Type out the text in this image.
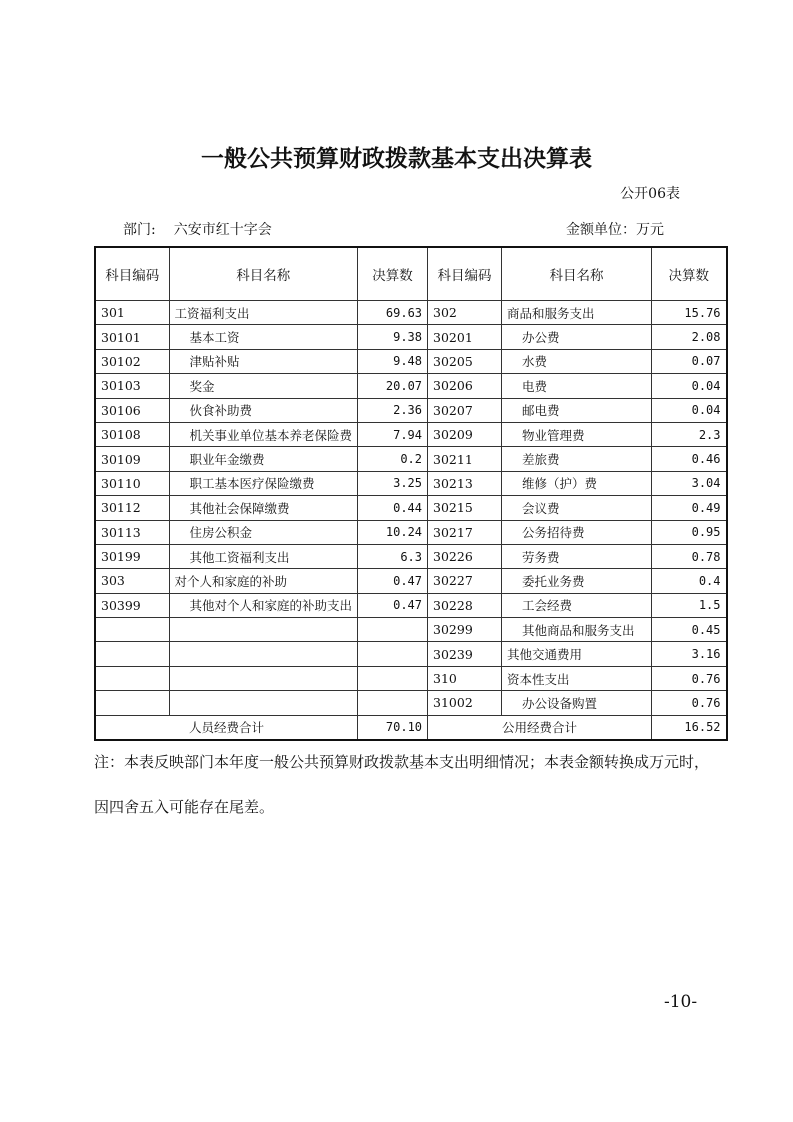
一般公共预算财政拨款基本支出决算表
公开06表
部门: 六安市红十字会	金额单位：万元
科目编码	科目名称	决算数	科目编码	科目名称	决算数
301	工资福利支出	69.63	302	商品和服务支出	15.76
30101	基本工资	9.38	30201	办公费	2.08
30102	津贴补贴	9.48	30205	水费	0.07
30103	奖金	20.07	30206	电费	0.04
30106	伙食补助费	2.36	30207	邮电费	0.04
30108	机关事业单位基本养老保险费	7.94	30209	物业管理费	2.3
30109	职业年金缴费	0.2	30211	差旅费	0.46
30110	职工基本医疗保险缴费	3.25	30213	维修（护）费	3.04
30112	其他社会保障缴费	0.44	30215	会议费	0.49
30113	住房公积金	10.24	30217	公务招待费	0.95
30199	其他工资福利支出	6.3	30226	劳务费	0.78
303	对个人和家庭的补助	0.47	30227	委托业务费	0.4
30399	其他对个人和家庭的补助支出	0.47	30228	工会经费	1.5
			30299	其他商品和服务支出	0.45
			30239	其他交通费用	3.16
			310	资本性支出	0.76
			31002	办公设备购置	0.76
人员经费合计		70.10	公用经费合计		16.52
注：本表反映部门本年度一般公共预算财政拨款基本支出明细情况；本表金额转换成万元时，
因四舍五入可能存在尾差。
-10-
